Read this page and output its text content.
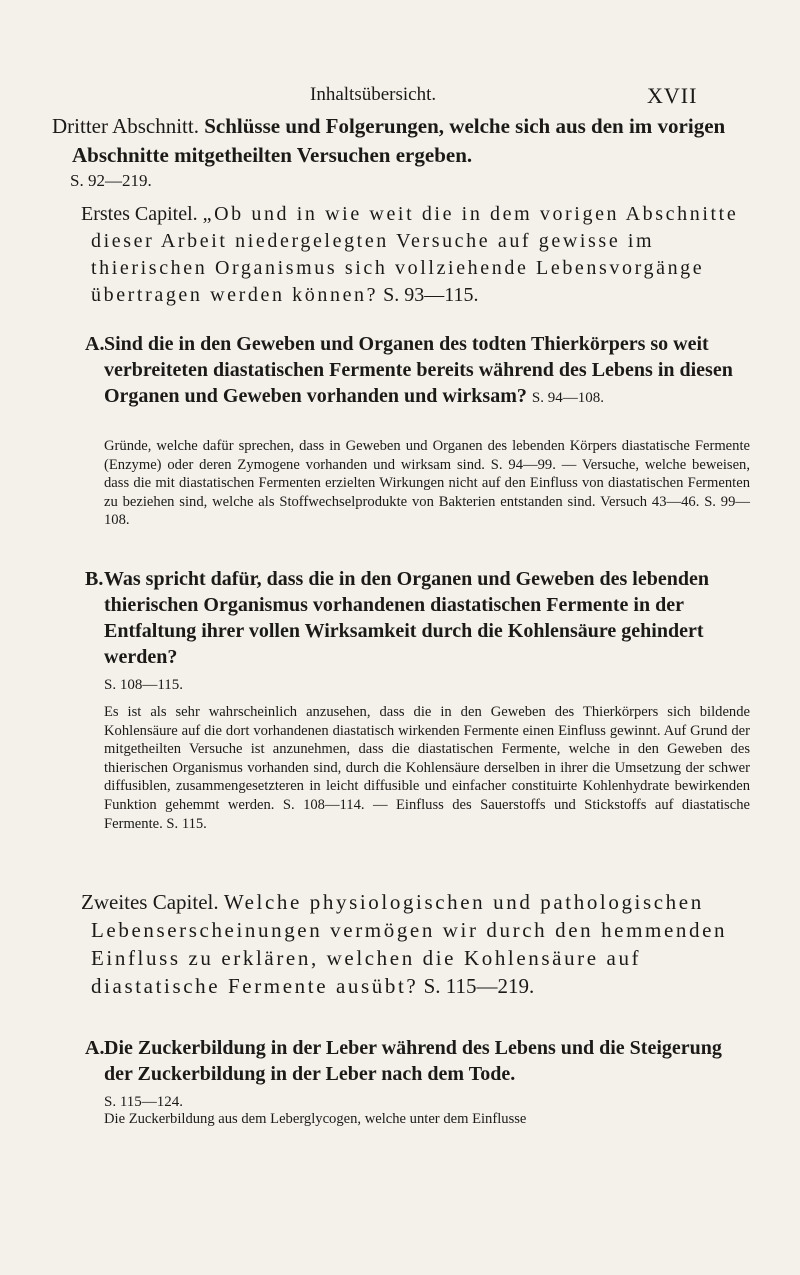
Inhaltsübersicht.	XVII

Dritter Abschnitt. Schlüsse und Folgerungen, welche sich aus den im vorigen Abschnitte mitgetheilten Versuchen ergeben.

S. 92—219.

Erstes Capitel. „Ob und in wie weit die in dem vorigen Abschnitte dieser Arbeit niedergelegten Versuche auf gewisse im thierischen Organismus sich vollziehende Lebensvorgänge übertragen werden können? S. 93—115.

A. Sind die in den Geweben und Organen des todten Thierkörpers so weit verbreiteten diastatischen Fermente bereits während des Lebens in diesen Organen und Geweben vorhanden und wirksam? S. 94—108.

Gründe, welche dafür sprechen, dass in Geweben und Organen des lebenden Körpers diastatische Fermente (Enzyme) oder deren Zymogene vorhanden und wirksam sind. S. 94—99. — Versuche, welche beweisen, dass die mit diastatischen Fermenten erzielten Wirkungen nicht auf den Einfluss von diastatischen Fermenten zu beziehen sind, welche als Stoffwechselprodukte von Bakterien entstanden sind. Versuch 43—46. S. 99—108.

B. Was spricht dafür, dass die in den Organen und Geweben des lebenden thierischen Organismus vorhandenen diastatischen Fermente in der Entfaltung ihrer vollen Wirksamkeit durch die Kohlensäure gehindert werden?
S. 108—115.

Es ist als sehr wahrscheinlich anzusehen, dass die in den Geweben des Thierkörpers sich bildende Kohlensäure auf die dort vorhandenen diastatisch wirkenden Fermente einen Einfluss gewinnt. Auf Grund der mitgetheilten Versuche ist anzunehmen, dass die diastatischen Fermente, welche in den Geweben des thierischen Organismus vorhanden sind, durch die Kohlensäure derselben in ihrer die Umsetzung der schwer diffusiblen, zusammengesetzteren in leicht diffusible und einfacher constituirte Kohlenhydrate bewirkenden Funktion gehemmt werden. S. 108—114. — Einfluss des Sauerstoffs und Stickstoffs auf diastatische Fermente. S. 115.

Zweites Capitel. Welche physiologischen und pathologischen Lebenserscheinungen vermögen wir durch den hemmenden Einfluss zu erklären, welchen die Kohlensäure auf diastatische Fermente ausübt? S. 115—219.

A. Die Zuckerbildung in der Leber während des Lebens und die Steigerung der Zuckerbildung in der Leber nach dem Tode.
S. 115—124.

Die Zuckerbildung aus dem Leberglycogen, welche unter dem Einflusse
